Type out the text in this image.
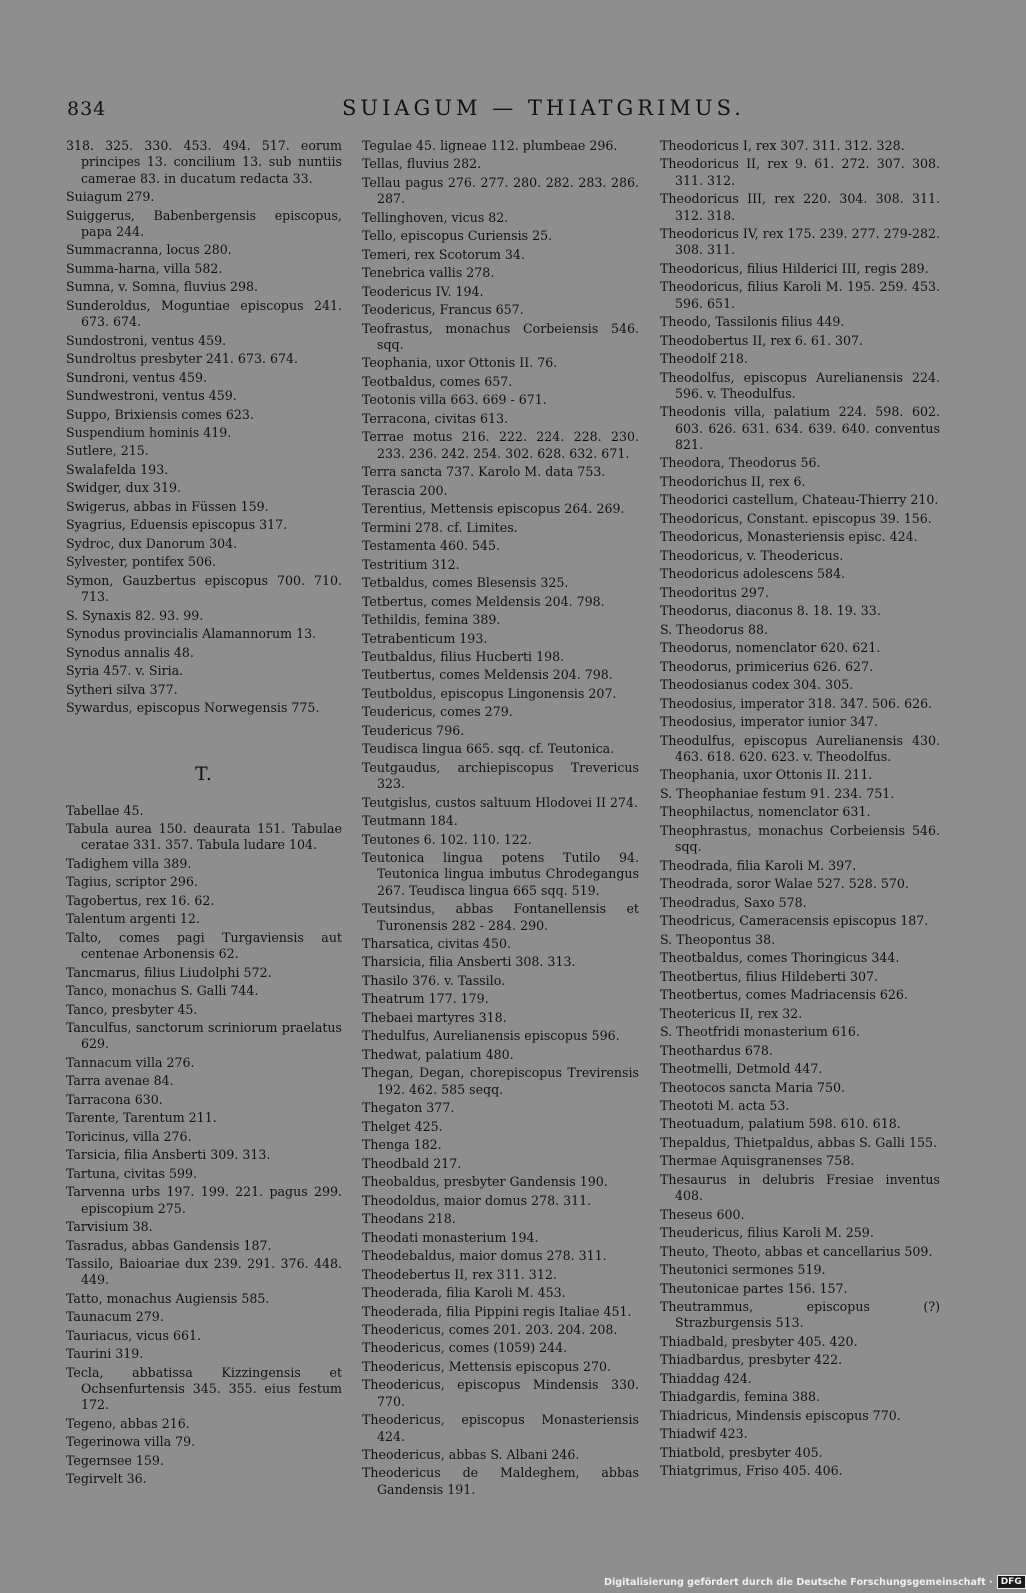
834	SUIAGUM — THIATGRIMUS.

318. 325. 330. 453. 494. 517. eorum principes 13. concilium 13. sub nuntiis camerae 83. in ducatum redacta 33.

Suiagum 279.

Suiggerus, Babenbergensis episcopus, papa 244.

Summacranna, locus 280.

Summa-harna, villa 582.

Sumna, v. Somna, fluvius 298.

Sunderoldus, Moguntiae episcopus 241. 673. 674.

Sundostroni, ventus 459.

Sundroltus presbyter 241. 673. 674.

Sundroni, ventus 459.

Sundwestroni, ventus 459.

Suppo, Brixiensis comes 623.

Suspendium hominis 419.

Sutlere, 215.

Swalafelda 193.

Swidger, dux 319.

Swigerus, abbas in Füssen 159.

Syagrius, Eduensis episcopus 317.

Sydroc, dux Danorum 304.

Sylvester, pontifex 506.

Symon, Gauzbertus episcopus 700. 710. 713.

S. Synaxis 82. 93. 99.

Synodus provincialis Alamannorum 13.

Synodus annalis 48.

Syria 457. v. Siria.

Sytheri silva 377.

Sywardus, episcopus Norwegensis 775.

T.

Tabellae 45.

Tabula aurea 150. deaurata 151. Tabulae ceratae 331. 357. Tabula ludare 104.

Tadighem villa 389.

Tagius, scriptor 296.

Tagobertus, rex 16. 62.

Talentum argenti 12.

Talto, comes pagi Turgaviensis aut centenae Arbonensis 62.

Tancmarus, filius Liudolphi 572.

Tanco, monachus S. Galli 744.

Tanco, presbyter 45.

Tanculfus, sanctorum scriniorum praelatus 629.

Tannacum villa 276.

Tarra avenae 84.

Tarracona 630.

Tarente, Tarentum 211.

Toricinus, villa 276.

Tarsicia, filia Ansberti 309. 313.

Tartuna, civitas 599.

Tarvenna urbs 197. 199. 221. pagus 299. episcopium 275.

Tarvisium 38.

Tasradus, abbas Gandensis 187.

Tassilo, Baioariae dux 239. 291. 376. 448. 449.

Tatto, monachus Augiensis 585.

Taunacum 279.

Tauriacus, vicus 661.

Taurini 319.

Tecla, abbatissa Kizzingensis et Ochsenfurtensis 345. 355. eius festum 172.

Tegeno, abbas 216.

Tegerinowa villa 79.

Tegernsee 159.

Tegirvelt 36.

Tegulae 45. ligneae 112. plumbeae 296.

Tellas, fluvius 282.

Tellau pagus 276. 277. 280. 282. 283. 286. 287.

Tellinghoven, vicus 82.

Tello, episcopus Curiensis 25.

Temeri, rex Scotorum 34.

Tenebrica vallis 278.

Teodericus IV. 194.

Teodericus, Francus 657.

Teofrastus, monachus Corbeiensis 546. sqq.

Teophania, uxor Ottonis II. 76.

Teotbaldus, comes 657.

Teotonis villa 663. 669 - 671.

Terracona, civitas 613.

Terrae motus 216. 222. 224. 228. 230. 233. 236. 242. 254. 302. 628. 632. 671.

Terra sancta 737. Karolo M. data 753.

Terascia 200.

Terentius, Mettensis episcopus 264. 269.

Termini 278. cf. Limites.

Testamenta 460. 545.

Testritium 312.

Tetbaldus, comes Blesensis 325.

Tetbertus, comes Meldensis 204. 798.

Tethildis, femina 389.

Tetrabenticum 193.

Teutbaldus, filius Hucberti 198.

Teutbertus, comes Meldensis 204. 798.

Teutboldus, episcopus Lingonensis 207.

Teudericus, comes 279.

Teudericus 796.

Teudisca lingua 665. sqq. cf. Teutonica.

Teutgaudus, archiepiscopus Trevericus 323.

Teutgislus, custos saltuum Hlodovei II 274.

Teutmann 184.

Teutones 6. 102. 110. 122.

Teutonica lingua potens Tutilo 94. Teutonica lingua imbutus Chrodegangus 267. Teudisca lingua 665 sqq. 519.

Teutsindus, abbas Fontanellensis et Turonensis 282 - 284. 290.

Tharsatica, civitas 450.

Tharsicia, filia Ansberti 308. 313.

Thasilo 376. v. Tassilo.

Theatrum 177. 179.

Thebaei martyres 318.

Thedulfus, Aurelianensis episcopus 596.

Thedwat, palatium 480.

Thegan, Degan, chorepiscopus Trevirensis 192. 462. 585 seqq.

Thegaton 377.

Thelget 425.

Thenga 182.

Theodbald 217.

Theobaldus, presbyter Gandensis 190.

Theodoldus, maior domus 278. 311.

Theodans 218.

Theodati monasterium 194.

Theodebaldus, maior domus 278. 311.

Theodebertus II, rex 311. 312.

Theoderada, filia Karoli M. 453.

Theoderada, filia Pippini regis Italiae 451.

Theodericus, comes 201. 203. 204. 208.

Theodericus, comes (1059) 244.

Theodericus, Mettensis episcopus 270.

Theodericus, episcopus Mindensis 330. 770.

Theodericus, episcopus Monasteriensis 424.

Theodericus, abbas S. Albani 246.

Theodericus de Maldeghem, abbas Gandensis 191.

Theodoricus I, rex 307. 311. 312. 328.

Theodoricus II, rex 9. 61. 272. 307. 308. 311. 312.

Theodoricus III, rex 220. 304. 308. 311. 312. 318.

Theodoricus IV, rex 175. 239. 277. 279-282. 308. 311.

Theodoricus, filius Hilderici III, regis 289.

Theodoricus, filius Karoli M. 195. 259. 453. 596. 651.

Theodo, Tassilonis filius 449.

Theodobertus II, rex 6. 61. 307.

Theodolf 218.

Theodolfus, episcopus Aurelianensis 224. 596. v. Theodulfus.

Theodonis villa, palatium 224. 598. 602. 603. 626. 631. 634. 639. 640. conventus 821.

Theodora, Theodorus 56.

Theodorichus II, rex 6.

Theodorici castellum, Chateau-Thierry 210.

Theodoricus, Constant. episcopus 39. 156.

Theodoricus, Monasteriensis episc. 424.

Theodoricus, v. Theodericus.

Theodoricus adolescens 584.

Theodoritus 297.

Theodorus, diaconus 8. 18. 19. 33.

S. Theodorus 88.

Theodorus, nomenclator 620. 621.

Theodorus, primicerius 626. 627.

Theodosianus codex 304. 305.

Theodosius, imperator 318. 347. 506. 626.

Theodosius, imperator iunior 347.

Theodulfus, episcopus Aurelianensis 430. 463. 618. 620. 623. v. Theodolfus.

Theophania, uxor Ottonis II. 211.

S. Theophaniae festum 91. 234. 751.

Theophilactus, nomenclator 631.

Theophrastus, monachus Corbeiensis 546. sqq.

Theodrada, filia Karoli M. 397.

Theodrada, soror Walae 527. 528. 570.

Theodradus, Saxo 578.

Theodricus, Cameracensis episcopus 187.

S. Theopontus 38.

Theotbaldus, comes Thoringicus 344.

Theotbertus, filius Hildeberti 307.

Theotbertus, comes Madriacensis 626.

Theotericus II, rex 32.

S. Theotfridi monasterium 616.

Theothardus 678.

Theotmelli, Detmold 447.

Theotocos sancta Maria 750.

Theototi M. acta 53.

Theotuadum, palatium 598. 610. 618.

Thepaldus, Thietpaldus, abbas S. Galli 155.

Thermae Aquisgranenses 758.

Thesaurus in delubris Fresiae inventus 408.

Theseus 600.

Theudericus, filius Karoli M. 259.

Theuto, Theoto, abbas et cancellarius 509.

Theutonici sermones 519.

Theutonicae partes 156. 157.

Theutrammus, episcopus (?) Strazburgensis 513.

Thiadbald, presbyter 405. 420.

Thiadbardus, presbyter 422.

Thiaddag 424.

Thiadgardis, femina 388.

Thiadricus, Mindensis episcopus 770.

Thiadwif 423.

Thiatbold, presbyter 405.

Thiatgrimus, Friso 405. 406.

Digitalisierung gefördert durch die Deutsche Forschungsgemeinschaft · DFG
